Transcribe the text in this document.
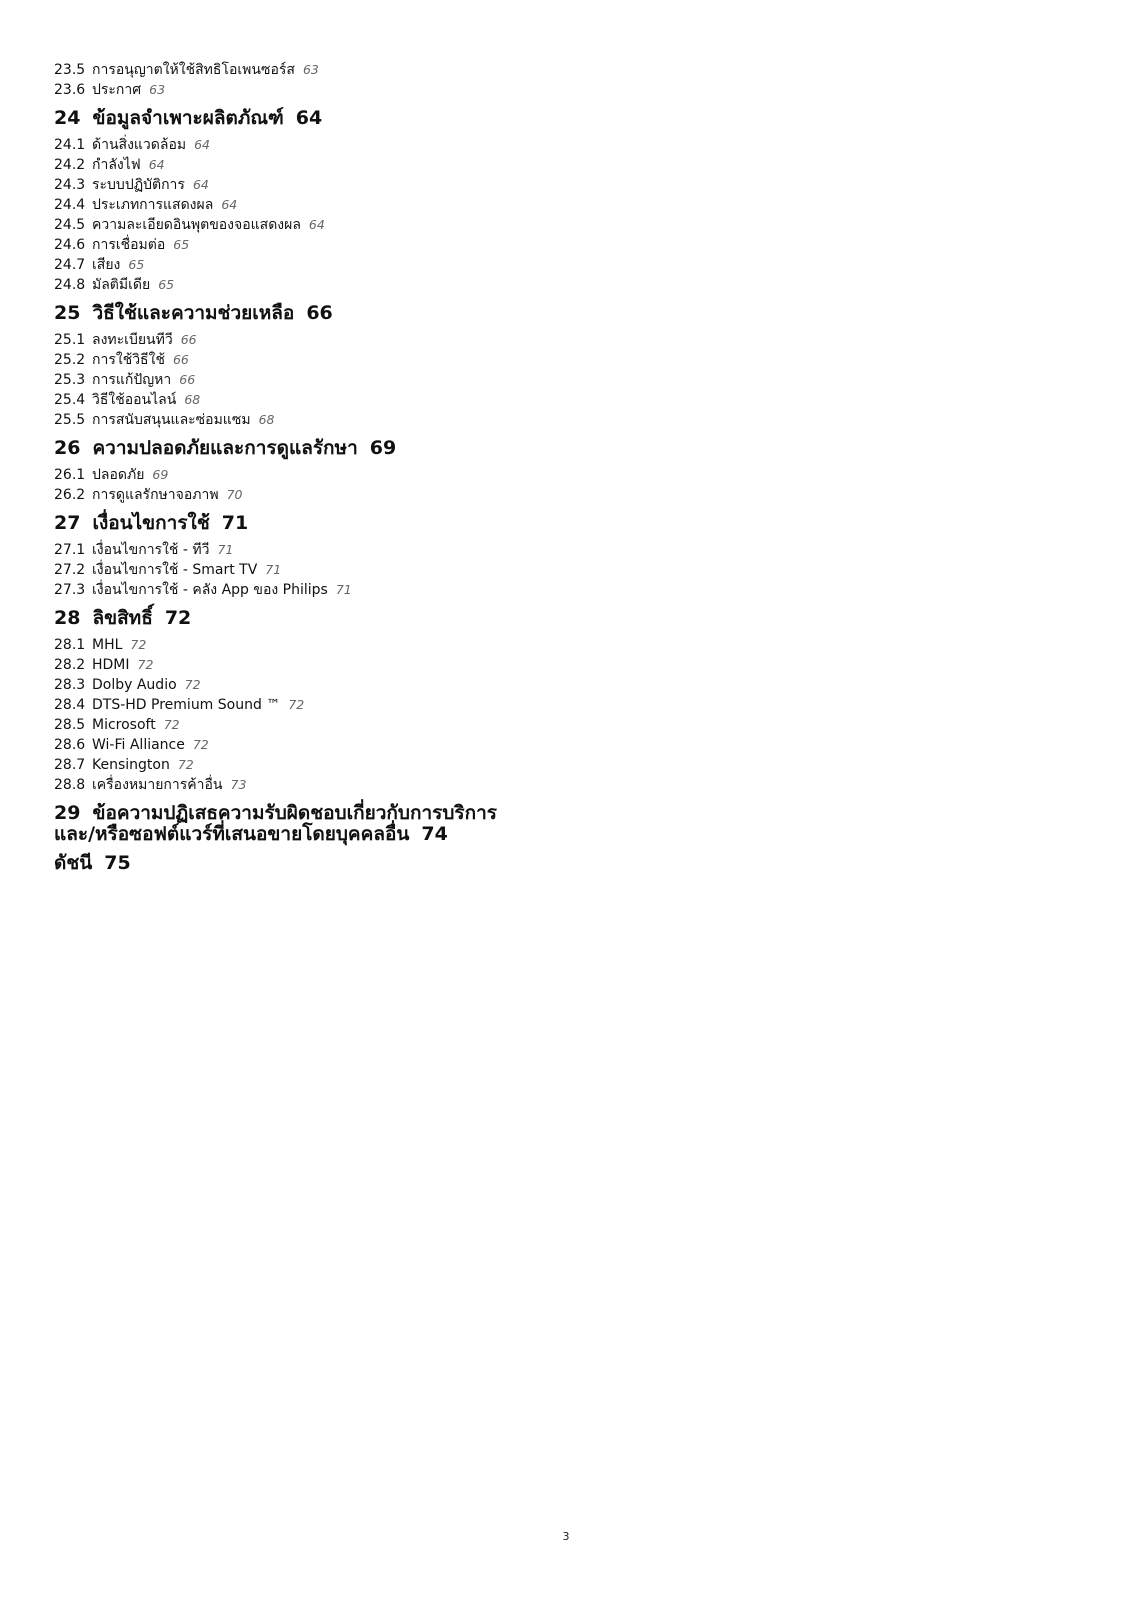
23.5 การอนุญาตให้ใช้สิทธิโอเพนซอร์ส 63
23.6 ประกาศ 63
24 ข้อมูลจำเพาะผลิตภัณฑ์ 64
24.1 ด้านสิ่งแวดล้อม 64
24.2 กำลังไฟ 64
24.3 ระบบปฏิบัติการ 64
24.4 ประเภทการแสดงผล 64
24.5 ความละเอียดอินพุตของจอแสดงผล 64
24.6 การเชื่อมต่อ 65
24.7 เสียง 65
24.8 มัลติมีเดีย 65
25 วิธีใช้และความช่วยเหลือ 66
25.1 ลงทะเบียนทีวี 66
25.2 การใช้วิธีใช้ 66
25.3 การแก้ปัญหา 66
25.4 วิธีใช้ออนไลน์ 68
25.5 การสนับสนุนและซ่อมแซม 68
26 ความปลอดภัยและการดูแลรักษา 69
26.1 ปลอดภัย 69
26.2 การดูแลรักษาจอภาพ 70
27 เงื่อนไขการใช้ 71
27.1 เงื่อนไขการใช้ - ทีวี 71
27.2 เงื่อนไขการใช้ - Smart TV 71
27.3 เงื่อนไขการใช้ - คลัง App ของ Philips 71
28 ลิขสิทธิ์ 72
28.1 MHL 72
28.2 HDMI 72
28.3 Dolby Audio 72
28.4 DTS-HD Premium Sound ™ 72
28.5 Microsoft 72
28.6 Wi-Fi Alliance 72
28.7 Kensington 72
28.8 เครื่องหมายการค้าอื่น 73
29 ข้อความปฏิเสธความรับผิดชอบเกี่ยวกับการบริการและ/หรือซอฟต์แวร์ที่เสนอขายโดยบุคคลอื่น 74
ดัชนี 75
3
